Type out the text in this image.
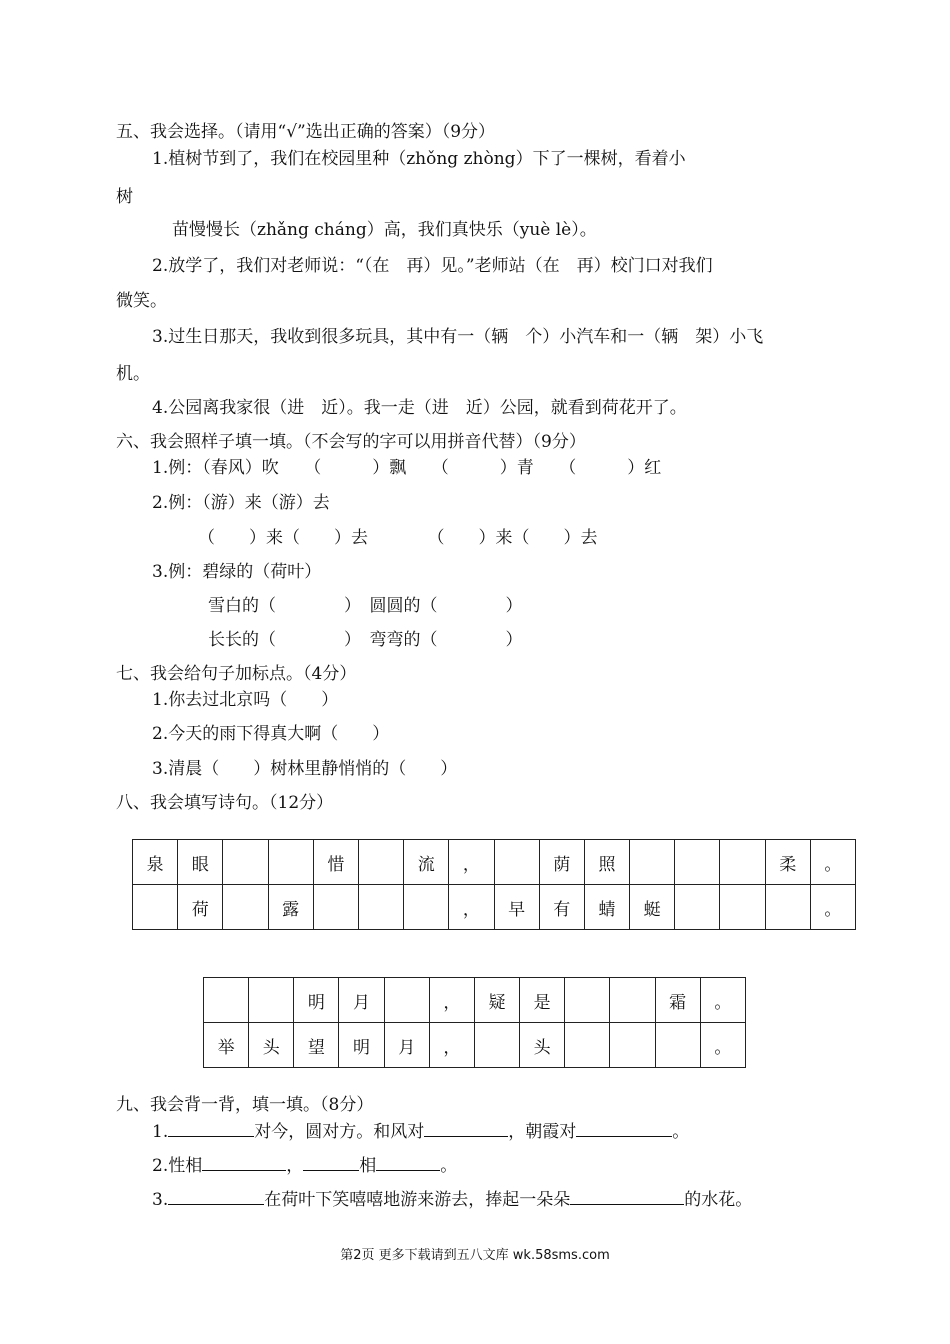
五、我会选择。（请用“√”选出正确的答案）（9分）
1.植树节到了，我们在校园里种（zhǒng zhòng）下了一棵树，看着小
树
苗慢慢长（zhǎng cháng）高，我们真快乐（yuè lè）。
2.放学了，我们对老师说：“（在　再）见。”老师站（在　再）校门口对我们
微笑。
3.过生日那天，我收到很多玩具，其中有一（辆　个）小汽车和一（辆　架）小飞
机。
4.公园离我家很（进　近）。我一走（进　近）公园，就看到荷花开了。
六、我会照样子填一填。（不会写的字可以用拼音代替）（9分）
1.例：（春风）吹　　（　　　）飘　　（　　　）青　　（　　　）红
2.例：（游）来（游）去
（　　）来（　　）去　　　　（　　）来（　　）去
3.例：碧绿的（荷叶）
雪白的（　　　　）　圆圆的（　　　　）
长长的（　　　　）　弯弯的（　　　　）
七、我会给句子加标点。（4分）
1.你去过北京吗（　　）
2.今天的雨下得真大啊（　　）
3.清晨（　　）树林里静悄悄的（　　）
八、我会填写诗句。（12分）
泉	眼			惜		流	，		荫	照				柔	。
	荷		露				，	早	有	蜻	蜓				。
		明	月		，	疑	是			霜	。
举	头	望	明	月	，		头				。
九、我会背一背，填一填。（8分）
1.	对今，圆对方。和风对	，朝霞对	。
2.性相	，	相	。
3.	在荷叶下笑嘻嘻地游来游去，捧起一朵朵	的水花。
第2页 更多下载请到五八文库 wk.58sms.com
